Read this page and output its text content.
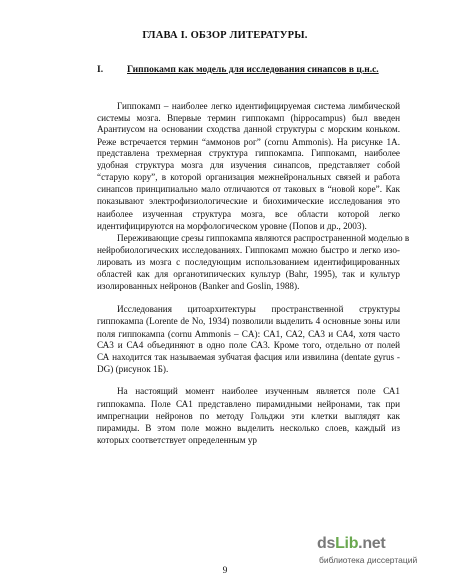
ГЛАВА I. ОБЗОР ЛИТЕРАТУРЫ.
I.	Гиппокамп как модель для исследования синапсов в ц.н.с.
Гиппокамп – наиболее легко идентифицируемая система лимбической
системы мозга. Впервые термин гиппокамп (hippocampus) был введен
Арантиусом на основании сходства данной структуры с морским коньком.
Реже встречается термин “аммонов рог” (cornu Ammonis). На рисунке 1А.
представлена трехмерная структура гиппокампа. Гиппокамп, наиболее
удобная структура мозга для изучения синапсов, представляет собой
“старую кору”, в которой организация межнейрональных связей и работа
синапсов принципиально мало отличаются от таковых в “новой коре”. Как
показывают электрофизиологические и биохимические исследования это
наиболее изученная структура мозга, все области которой легко
идентифицируются на морфологическом уровне (Попов и др., 2003).
Переживающие срезы гиппокампа являются распространенной моделью в
нейробиологических исследованиях. Гиппокамп можно быстро и легко изо-
лировать из мозга с последующим использованием идентифицированных
областей как для органотипических культур (Bahr, 1995), так и культур
изолированных нейронов (Banker and Goslin, 1988).
Исследования цитоархитектуры пространственной структуры
гиппокампа (Lorente de No, 1934) позволили выделить 4 основные зоны или
поля гиппокампа (cornu Ammonis – CA): СА1, СА2, СА3 и СА4, хотя часто
СА3 и СА4 объединяют в одно поле СА3. Кроме того, отдельно от полей
СА находится так называемая зубчатая фасция или извилина (dentate gyrus -
DG) (рисунок 1Б).
На настоящий момент наиболее изученным является поле СА1
гиппокампа. Поле СА1 представлено пирамидными нейронами, так при
импрегнации нейронов по методу Гольджи эти клетки выглядят как
пирамиды. В этом поле можно выделить несколько слоев, каждый из
которых соответствует определенным ур
9
dsLib.net
библиотека диссертаций
